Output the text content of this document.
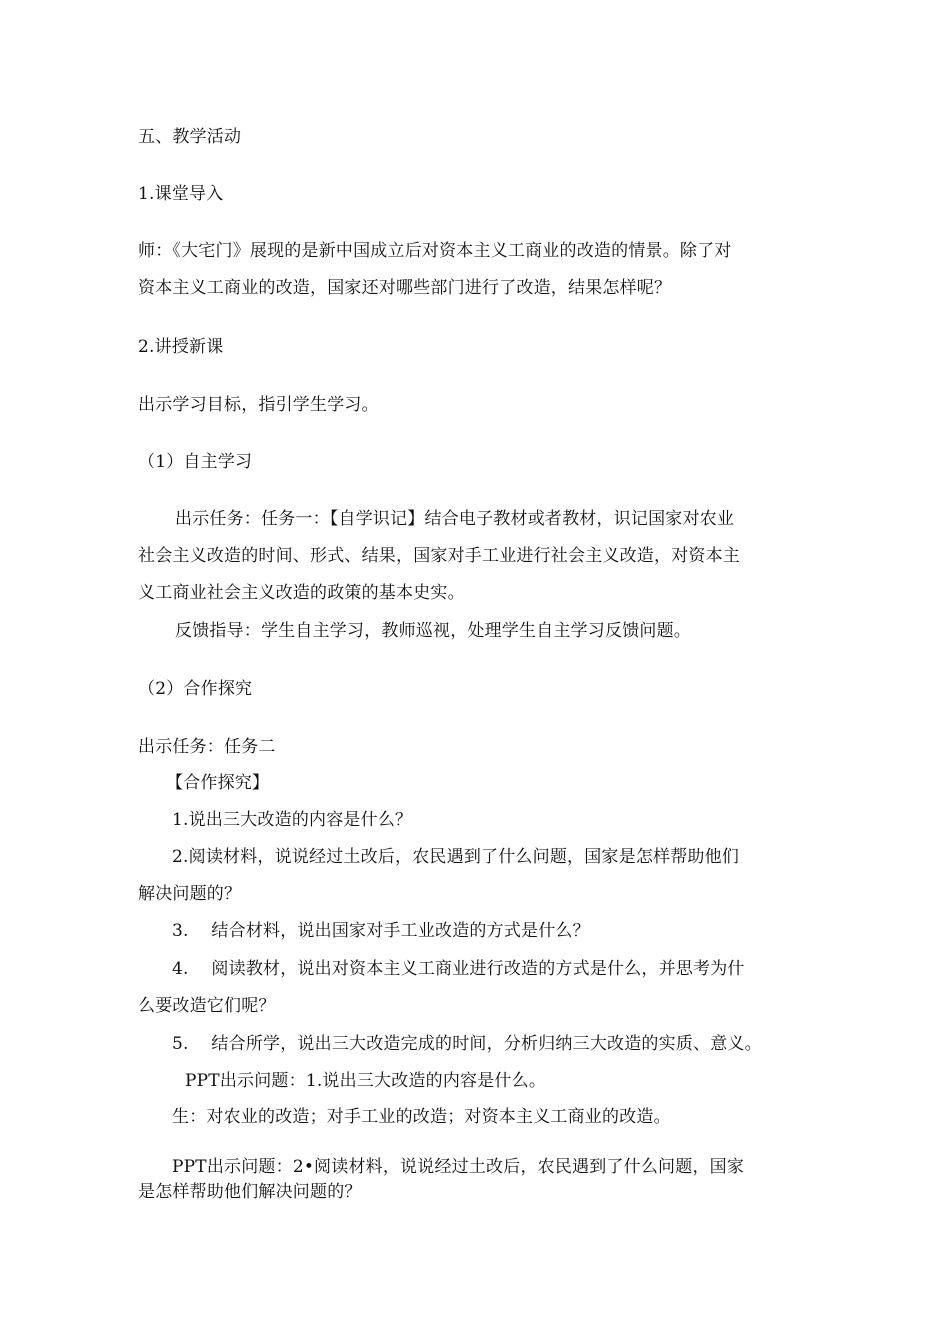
五、教学活动
1.课堂导入
师：《大宅门》展现的是新中国成立后对资本主义工商业的改造的情景。除了对
资本主义工商业的改造，国家还对哪些部门进行了改造，结果怎样呢？
2.讲授新课
出示学习目标，指引学生学习。
（1）自主学习
出示任务：任务一：【自学识记】结合电子教材或者教材，识记国家对农业
社会主义改造的时间、形式、结果，国家对手工业进行社会主义改造，对资本主
义工商业社会主义改造的政策的基本史实。
反馈指导：学生自主学习，教师巡视，处理学生自主学习反馈问题。
（2）合作探究
出示任务：任务二
【合作探究】
1.说出三大改造的内容是什么？
2.阅读材料，说说经过土改后，农民遇到了什么问题，国家是怎样帮助他们
解决问题的？
3.　 结合材料，说出国家对手工业改造的方式是什么？
4.　 阅读教材，说出对资本主义工商业进行改造的方式是什么，并思考为什
么要改造它们呢？
5.　 结合所学，说出三大改造完成的时间，分析归纳三大改造的实质、意义。
PPT出示问题：1.说出三大改造的内容是什么。
生：对农业的改造；对手工业的改造；对资本主义工商业的改造。
PPT出示问题：2•阅读材料，说说经过土改后，农民遇到了什么问题，国家
是怎样帮助他们解决问题的？
